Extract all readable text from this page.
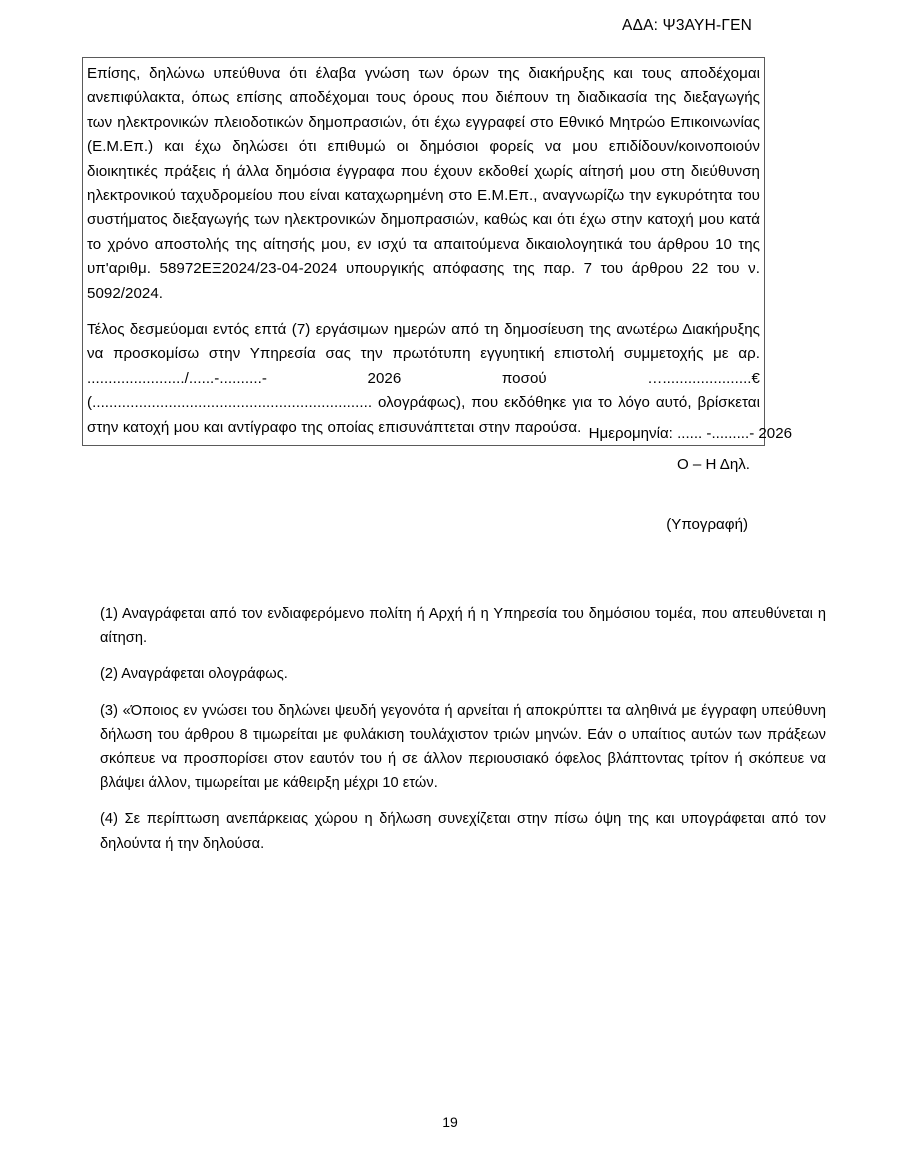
ΑΔΑ: Ψ3ΑΥΗ-ΓΕΝ

Επίσης, δηλώνω υπεύθυνα ότι έλαβα γνώση των όρων της διακήρυξης και τους αποδέχομαι ανεπιφύλακτα, όπως επίσης αποδέχομαι τους όρους που διέπουν τη διαδικασία της διεξαγωγής των ηλεκτρονικών πλειοδοτικών δημοπρασιών, ότι έχω εγγραφεί στο Εθνικό Μητρώο Επικοινωνίας (Ε.Μ.Επ.) και έχω δηλώσει ότι επιθυμώ οι δημόσιοι φορείς να μου επιδίδουν/κοινοποιούν διοικητικές πράξεις ή άλλα δημόσια έγγραφα που έχουν εκδοθεί χωρίς αίτησή μου στη διεύθυνση ηλεκτρονικού ταχυδρομείου που είναι καταχωρημένη στο Ε.Μ.Επ., αναγνωρίζω την εγκυρότητα του συστήματος διεξαγωγής των ηλεκτρονικών δημοπρασιών, καθώς και ότι έχω στην κατοχή μου κατά το χρόνο αποστολής της αίτησής μου, εν ισχύ τα απαιτούμενα δικαιολογητικά του άρθρου 10 της υπ'αριθμ. 58972ΕΞ2024/23-04-2024 υπουργικής απόφασης της παρ. 7 του άρθρου 22 του ν. 5092/2024.

Τέλος δεσμεύομαι εντός επτά (7) εργάσιμων ημερών από τη δημοσίευση της ανωτέρω Διακήρυξης να προσκομίσω στην Υπηρεσία σας την πρωτότυπη εγγυητική επιστολή συμμετοχής με αρ. ......................./......-..........- 2026 ποσού ….....................€ (.................................................................. ολογράφως), που εκδόθηκε για το λόγο αυτό, βρίσκεται στην κατοχή μου και αντίγραφο της οποίας επισυνάπτεται στην παρούσα. Ημερομηνία: ...... -.........- 2026
Ο – Η Δηλ.
(Υπογραφή)

(1) Αναγράφεται από τον ενδιαφερόμενο πολίτη ή Αρχή ή η Υπηρεσία του δημόσιου τομέα, που απευθύνεται η αίτηση.

(2) Αναγράφεται ολογράφως.

(3) «Όποιος εν γνώσει του δηλώνει ψευδή γεγονότα ή αρνείται ή αποκρύπτει τα αληθινά με έγγραφη υπεύθυνη δήλωση του άρθρου 8 τιμωρείται με φυλάκιση τουλάχιστον τριών μηνών. Εάν ο υπαίτιος αυτών των πράξεων σκόπευε να προσπορίσει στον εαυτόν του ή σε άλλον περιουσιακό όφελος βλάπτοντας τρίτον ή σκόπευε να βλάψει άλλον, τιμωρείται με κάθειρξη μέχρι 10 ετών.

(4) Σε περίπτωση ανεπάρκειας χώρου η δήλωση συνεχίζεται στην πίσω όψη της και υπογράφεται από τον δηλούντα ή την δηλούσα.

19
